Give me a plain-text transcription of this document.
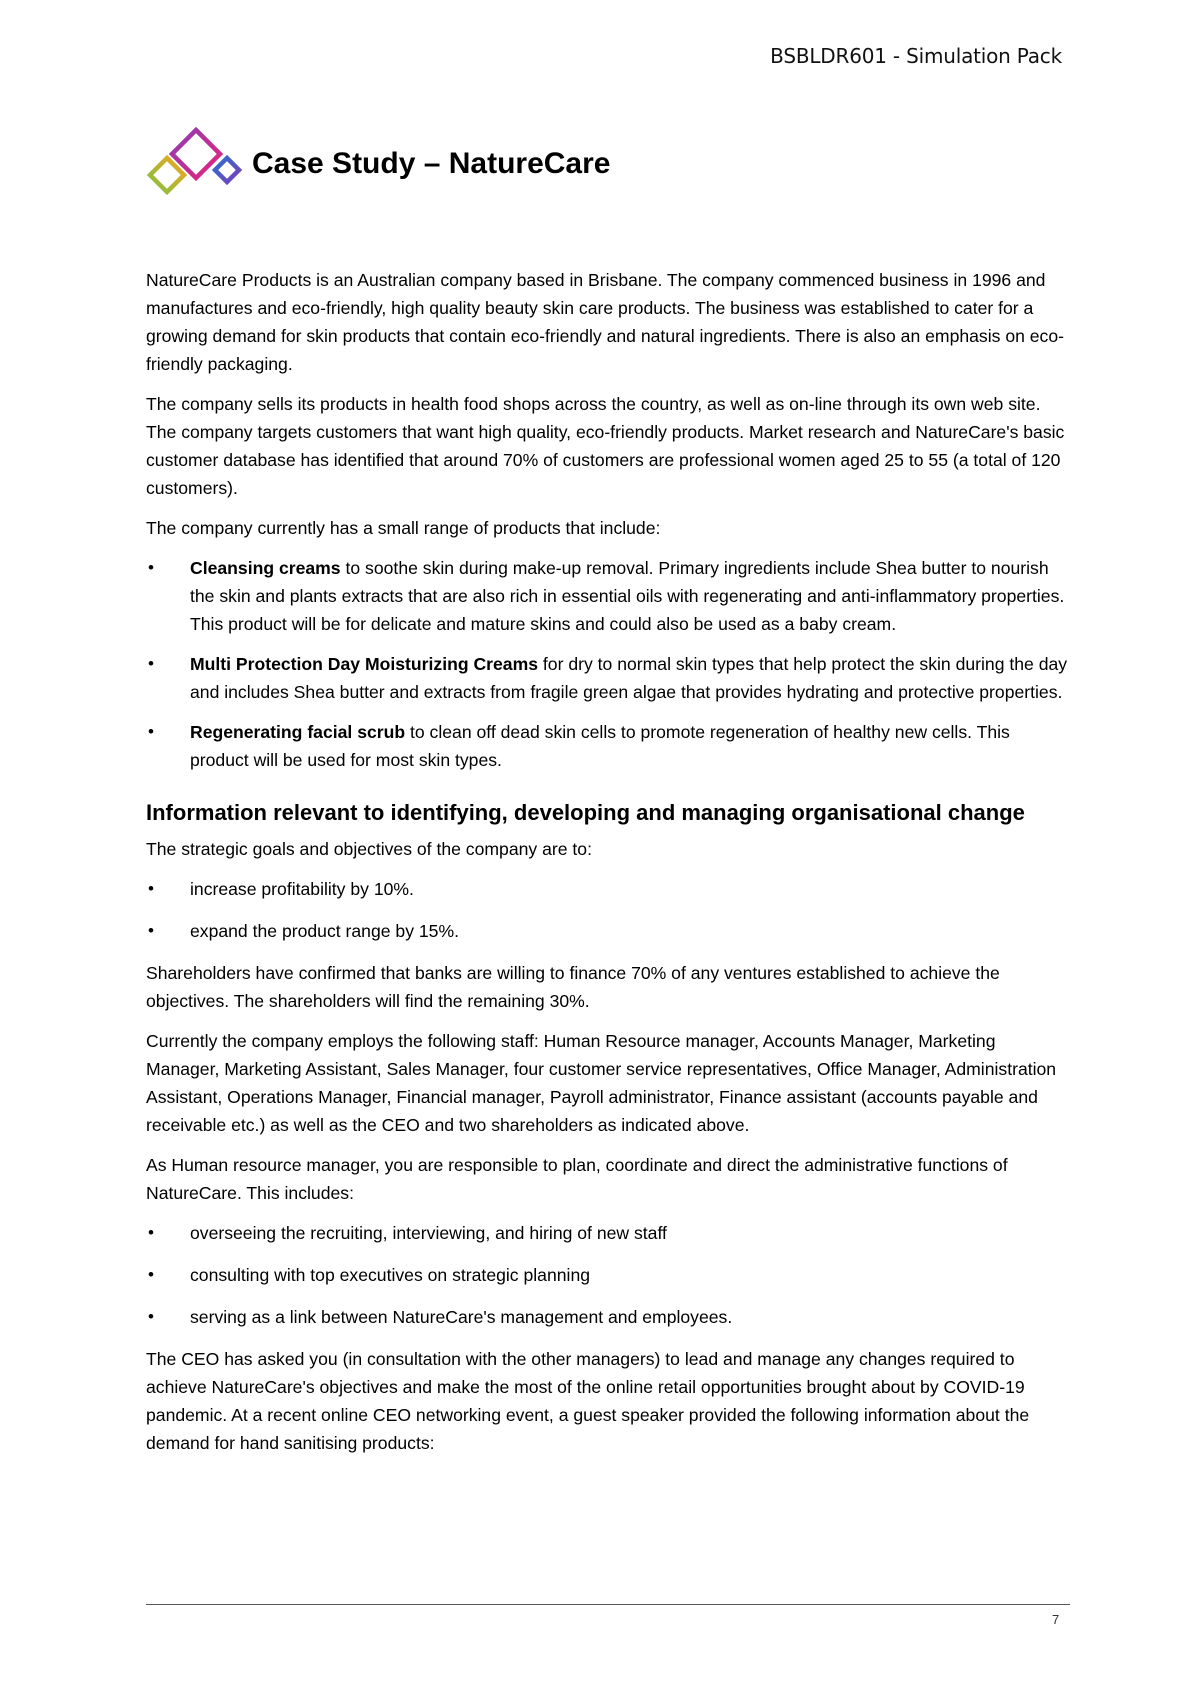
BSBLDR601 - Simulation Pack
Case Study – NatureCare

NatureCare Products is an Australian company based in Brisbane. The company commenced business in 1996 and manufactures and eco-friendly, high quality beauty skin care products. The business was established to cater for a growing demand for skin products that contain eco-friendly and natural ingredients. There is also an emphasis on eco-friendly packaging.

The company sells its products in health food shops across the country, as well as on-line through its own web site. The company targets customers that want high quality, eco-friendly products. Market research and NatureCare's basic customer database has identified that around 70% of customers are professional women aged 25 to 55 (a total of 120 customers).

The company currently has a small range of products that include:

• Cleansing creams to soothe skin during make-up removal. Primary ingredients include Shea butter to nourish the skin and plants extracts that are also rich in essential oils with regenerating and anti-inflammatory properties. This product will be for delicate and mature skins and could also be used as a baby cream.
• Multi Protection Day Moisturizing Creams for dry to normal skin types that help protect the skin during the day and includes Shea butter and extracts from fragile green algae that provides hydrating and protective properties.
• Regenerating facial scrub to clean off dead skin cells to promote regeneration of healthy new cells. This product will be used for most skin types.
Information relevant to identifying, developing and managing organisational change

The strategic goals and objectives of the company are to:

• increase profitability by 10%.
• expand the product range by 15%.

Shareholders have confirmed that banks are willing to finance 70% of any ventures established to achieve the objectives. The shareholders will find the remaining 30%.

Currently the company employs the following staff: Human Resource manager, Accounts Manager, Marketing Manager, Marketing Assistant, Sales Manager, four customer service representatives, Office Manager, Administration Assistant, Operations Manager, Financial manager, Payroll administrator, Finance assistant (accounts payable and receivable etc.) as well as the CEO and two shareholders as indicated above.

As Human resource manager, you are responsible to plan, coordinate and direct the administrative functions of NatureCare. This includes:

• overseeing the recruiting, interviewing, and hiring of new staff
• consulting with top executives on strategic planning
• serving as a link between NatureCare's management and employees.

The CEO has asked you (in consultation with the other managers) to lead and manage any changes required to achieve NatureCare's objectives and make the most of the online retail opportunities brought about by COVID-19 pandemic. At a recent online CEO networking event, a guest speaker provided the following information about the demand for hand sanitising products:

7
